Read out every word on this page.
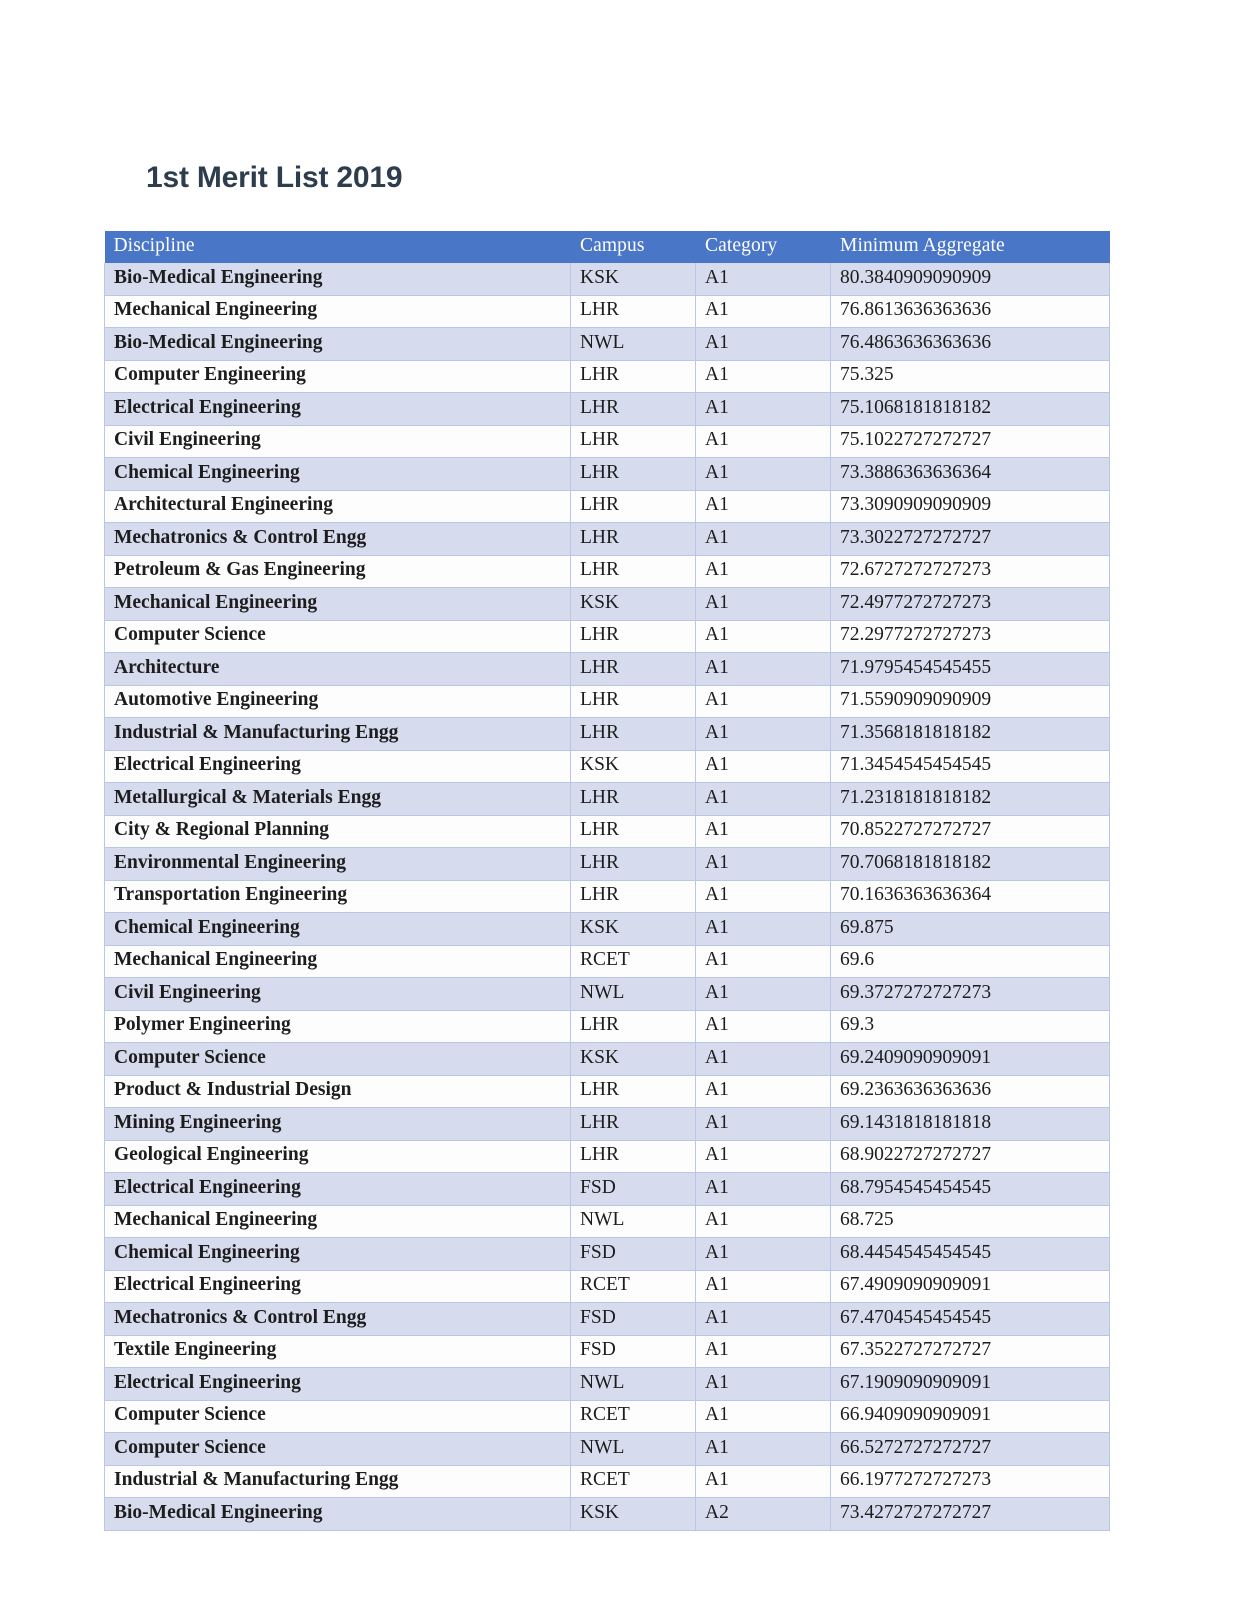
1st Merit List 2019
Discipline	Campus	Category	Minimum Aggregate
Bio-Medical Engineering	KSK	A1	80.3840909090909
Mechanical Engineering	LHR	A1	76.8613636363636
Bio-Medical Engineering	NWL	A1	76.4863636363636
Computer Engineering	LHR	A1	75.325
Electrical Engineering	LHR	A1	75.1068181818182
Civil Engineering	LHR	A1	75.1022727272727
Chemical Engineering	LHR	A1	73.3886363636364
Architectural Engineering	LHR	A1	73.3090909090909
Mechatronics & Control Engg	LHR	A1	73.3022727272727
Petroleum & Gas Engineering	LHR	A1	72.6727272727273
Mechanical Engineering	KSK	A1	72.4977272727273
Computer Science	LHR	A1	72.2977272727273
Architecture	LHR	A1	71.9795454545455
Automotive Engineering	LHR	A1	71.5590909090909
Industrial & Manufacturing Engg	LHR	A1	71.3568181818182
Electrical Engineering	KSK	A1	71.3454545454545
Metallurgical & Materials Engg	LHR	A1	71.2318181818182
City & Regional Planning	LHR	A1	70.8522727272727
Environmental Engineering	LHR	A1	70.7068181818182
Transportation Engineering	LHR	A1	70.1636363636364
Chemical Engineering	KSK	A1	69.875
Mechanical Engineering	RCET	A1	69.6
Civil Engineering	NWL	A1	69.3727272727273
Polymer Engineering	LHR	A1	69.3
Computer Science	KSK	A1	69.2409090909091
Product & Industrial Design	LHR	A1	69.2363636363636
Mining Engineering	LHR	A1	69.1431818181818
Geological Engineering	LHR	A1	68.9022727272727
Electrical Engineering	FSD	A1	68.7954545454545
Mechanical Engineering	NWL	A1	68.725
Chemical Engineering	FSD	A1	68.4454545454545
Electrical Engineering	RCET	A1	67.4909090909091
Mechatronics & Control Engg	FSD	A1	67.4704545454545
Textile Engineering	FSD	A1	67.3522727272727
Electrical Engineering	NWL	A1	67.1909090909091
Computer Science	RCET	A1	66.9409090909091
Computer Science	NWL	A1	66.5272727272727
Industrial & Manufacturing Engg	RCET	A1	66.1977272727273
Bio-Medical Engineering	KSK	A2	73.4272727272727
